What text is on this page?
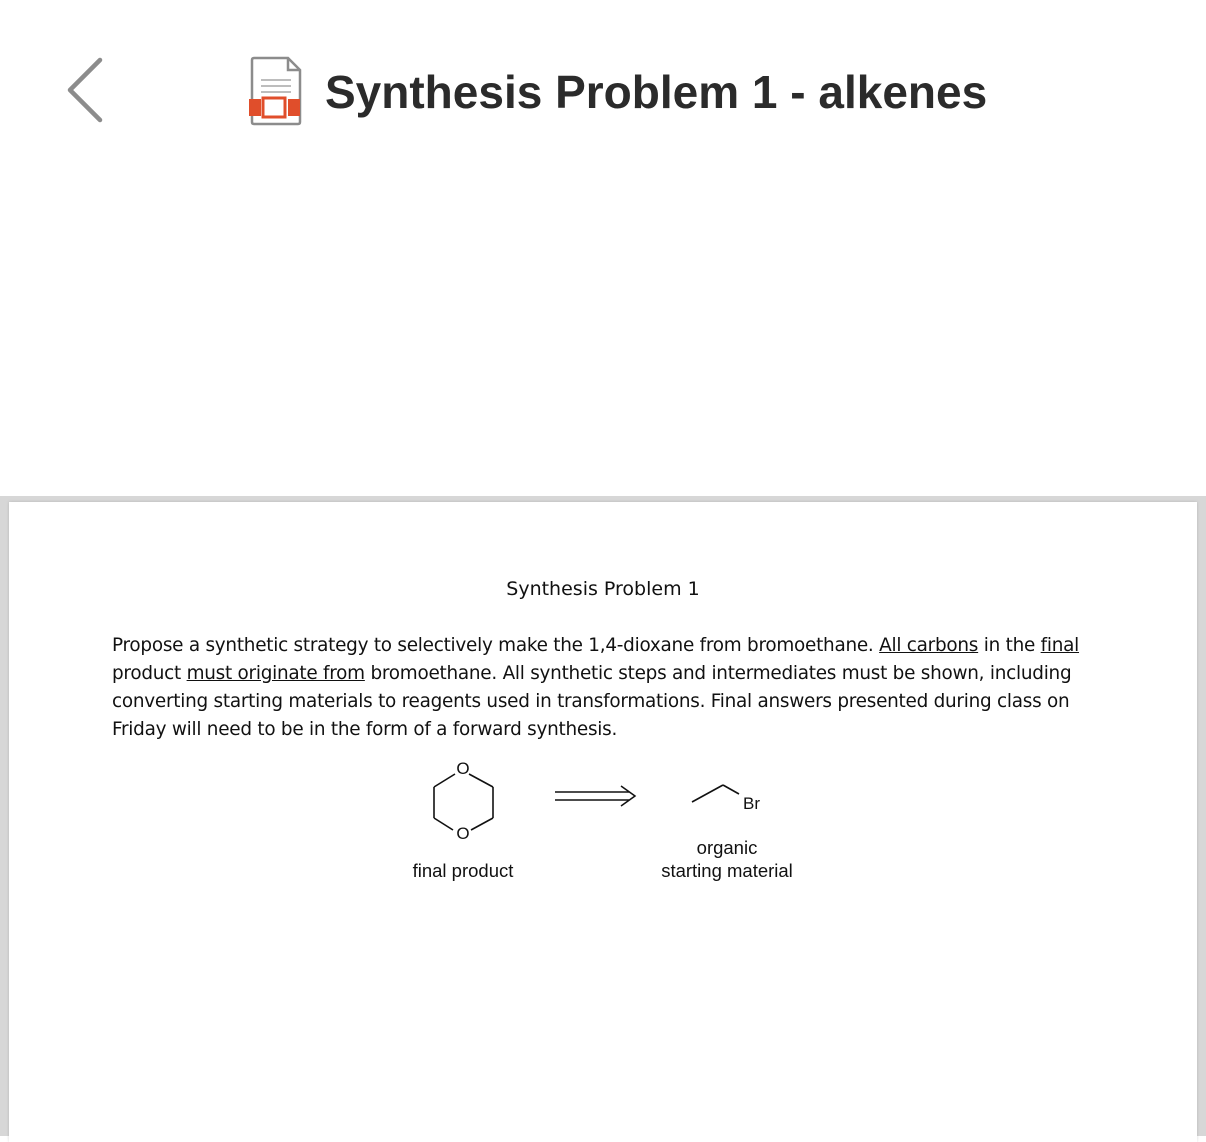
Synthesis Problem 1 - alkenes
Synthesis Problem 1
Propose a synthetic strategy to selectively make the 1,4-dioxane from bromoethane. All carbons in the final product must originate from bromoethane. All synthetic steps and intermediates must be shown, including converting starting materials to reagents used in transformations. Final answers presented during class on Friday will need to be in the form of a forward synthesis.
O
O
Br
final product
organic
starting material
